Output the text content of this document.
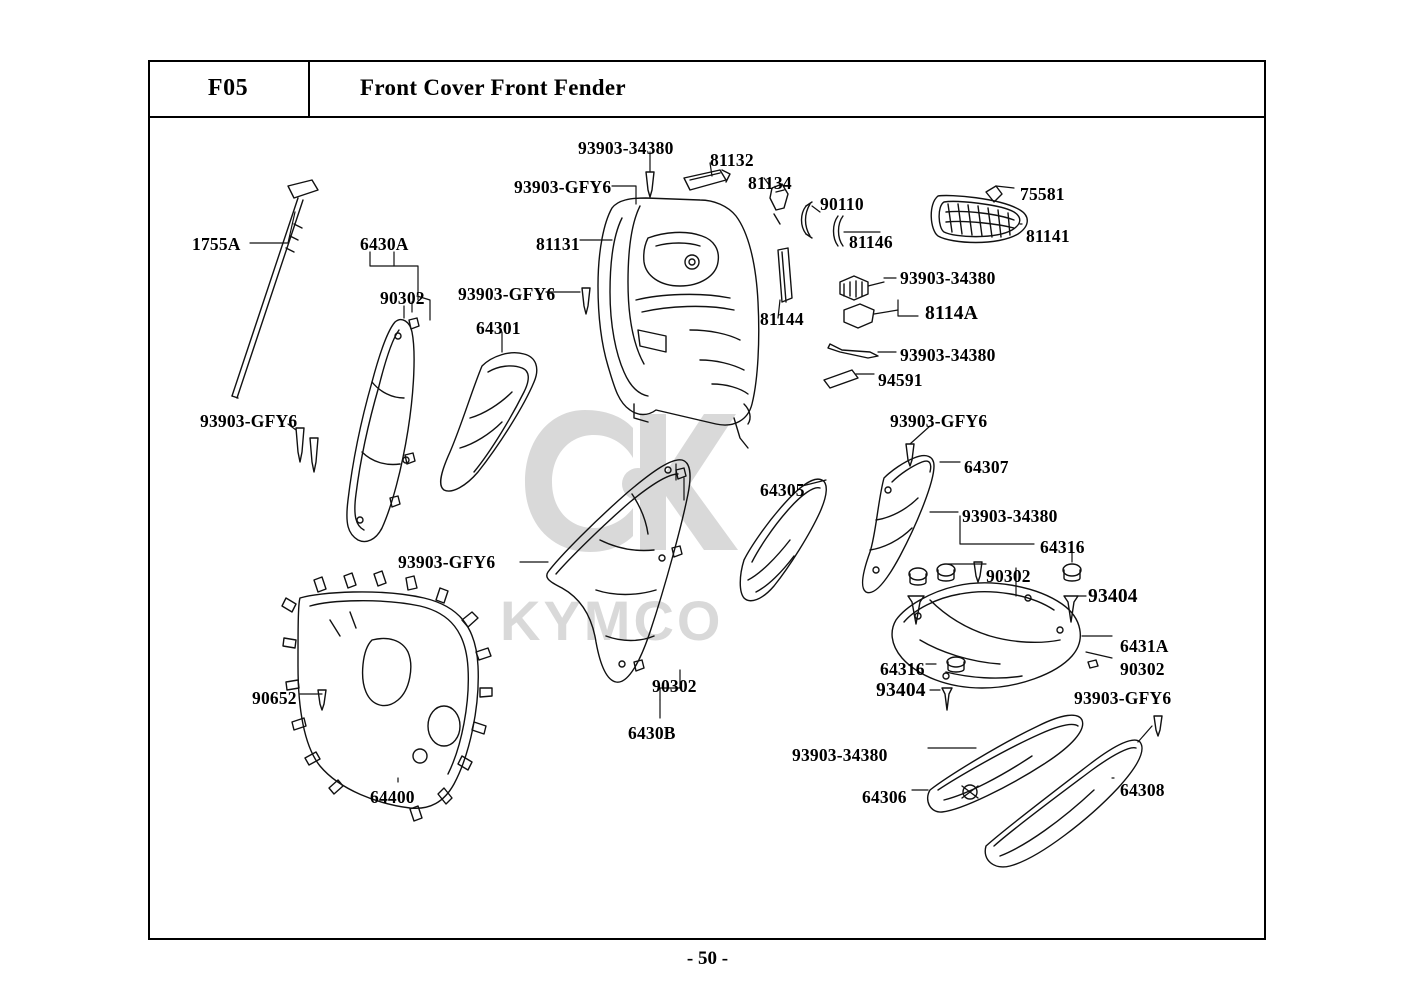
F05	Front Cover Front Fender
- 50 -
KYMCO
93903-34380
81132
81134
93903-GFY6
90110	75581
81146	81141
81131
1755A	6430A
93903-34380
90302 93903-GFY6
8114A
81144
64301
93903-34380
94591
93903-GFY6
93903-GFY6
64307
64305
93903-34380
64316
93903-GFY6
90302
93404
6431A
90302
64316
90302	93404
90652	93903-GFY6
6430B
93903-34380
64400	64306	64308
